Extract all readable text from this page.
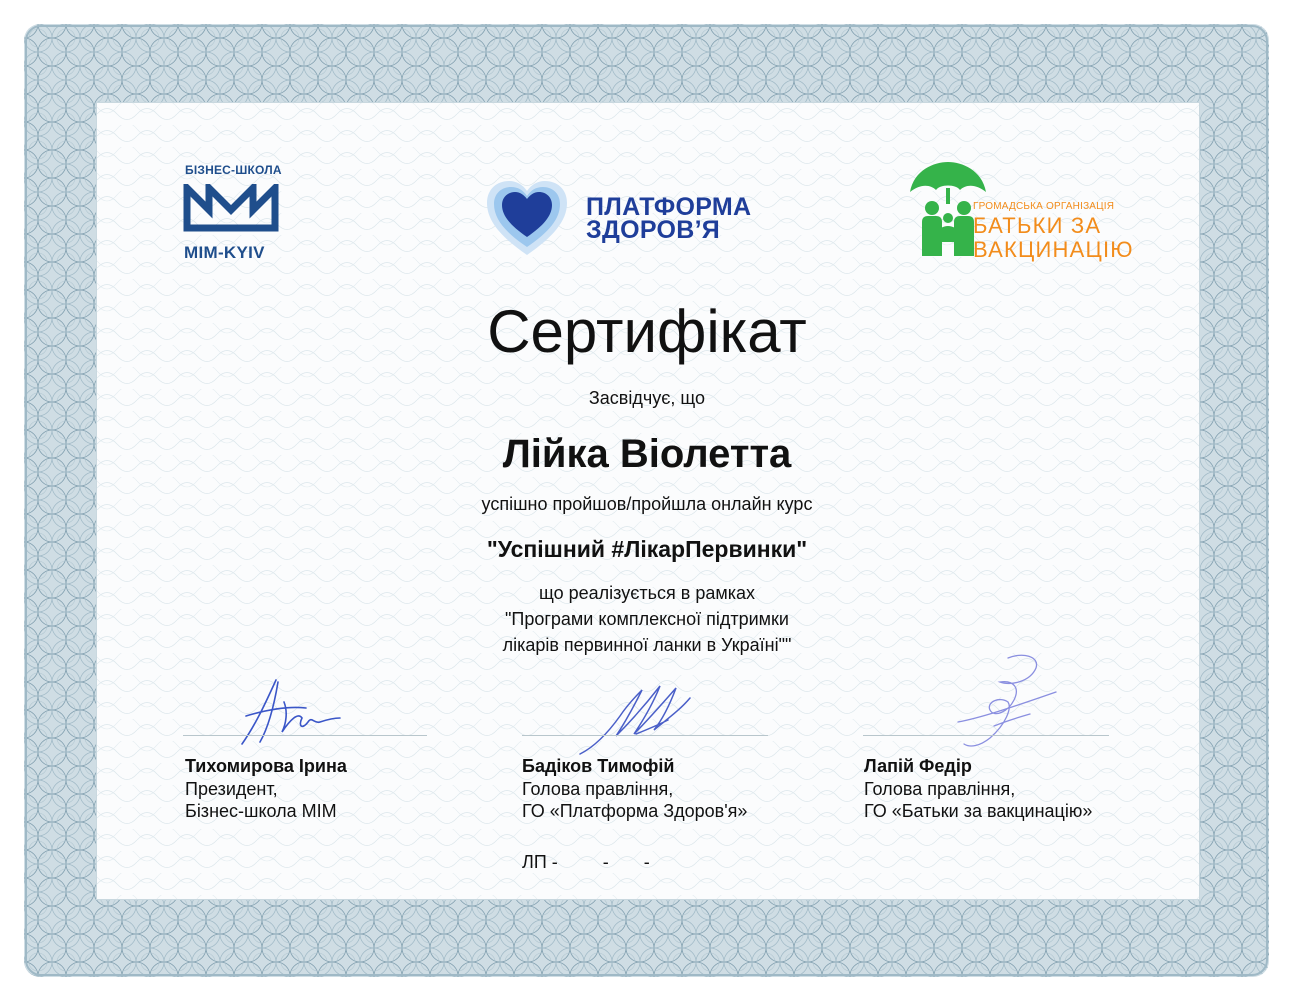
БІЗНЕС-ШКОЛА
MIM-KYIV
ПЛАТФОРМА
ЗДОРОВ’Я
ГРОМАДСЬКА ОРГАНІЗАЦІЯ
БАТЬКИ ЗА
ВАКЦИНАЦІЮ
Сертифікат
Засвідчує, що
Лійка Віолетта
успішно пройшов/пройшла онлайн курс
"Успішний #ЛікарПервинки"
що реалізується в рамках
"Програми комплексної підтримки
лікарів первинної ланки в Україні""
Тихомирова Ірина
Президент,
Бізнес-школа МІМ
Бадіков Тимофій
Голова правління,
ГО «Платформа Здоров'я»
Лапій Федір
Голова правління,
ГО «Батьки за вакцинацію»
ЛП -         -       -
